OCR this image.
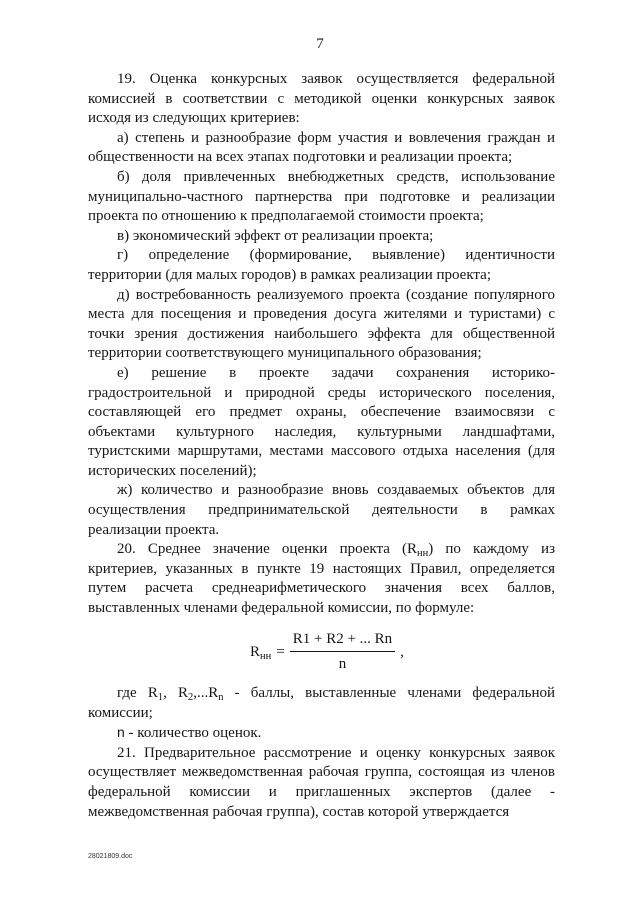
7

19. Оценка конкурсных заявок осуществляется федеральной комиссией в соответствии с методикой оценки конкурсных заявок исходя из следующих критериев:

а) степень и разнообразие форм участия и вовлечения граждан и общественности на всех этапах подготовки и реализации проекта;

б) доля привлеченных внебюджетных средств, использование муниципально-частного партнерства при подготовке и реализации проекта по отношению к предполагаемой стоимости проекта;

в) экономический эффект от реализации проекта;

г) определение (формирование, выявление) идентичности территории (для малых городов) в рамках реализации проекта;

д) востребованность реализуемого проекта (создание популярного места для посещения и проведения досуга жителями и туристами) с точки зрения достижения наибольшего эффекта для общественной территории соответствующего муниципального образования;

е) решение в проекте задачи сохранения историко-градостроительной и природной среды исторического поселения, составляющей его предмет охраны, обеспечение взаимосвязи с объектами культурного наследия, культурными ландшафтами, туристскими маршрутами, местами массового отдыха населения (для исторических поселений);

ж) количество и разнообразие вновь создаваемых объектов для осуществления предпринимательской деятельности в рамках реализации проекта.

20. Среднее значение оценки проекта $(R_{нн})$ по каждому из критериев, указанных в пункте 19 настоящих Правил, определяется путем расчета среднеарифметического значения всех баллов, выставленных членами федеральной комиссии, по формуле:

$R_{нн} = \frac{R1 + R2 + ... Rn}{n}$ ,

где $R_1$, $R_2,...R_n$ - баллы, выставленные членами федеральной комиссии;

n - количество оценок.

21. Предварительное рассмотрение и оценку конкурсных заявок осуществляет межведомственная рабочая группа, состоящая из членов федеральной комиссии и приглашенных экспертов (далее - межведомственная рабочая группа), состав которой утверждается

28021809.doc
